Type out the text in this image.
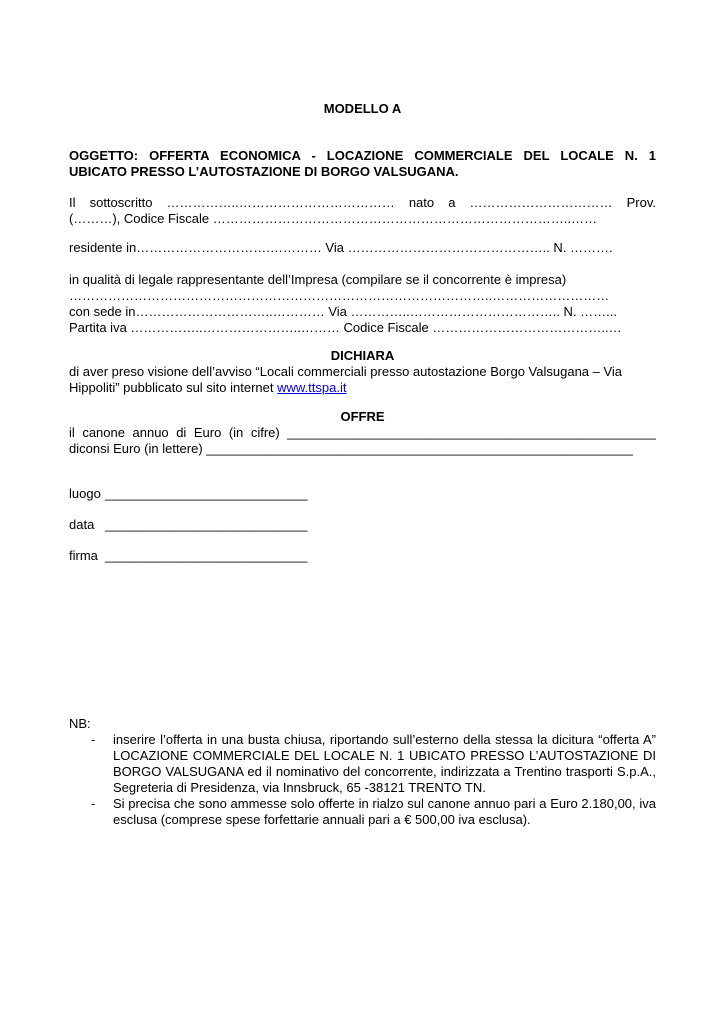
MODELLO A
OGGETTO: OFFERTA ECONOMICA - LOCAZIONE COMMERCIALE DEL LOCALE N. 1
UBICATO PRESSO L’AUTOSTAZIONE DI BORGO VALSUGANA.
Il sottoscritto ……………..……………………………… nato a …………………………… Prov.
(………), Codice Fiscale ………………………………………………………………………..……
residente in………………………….………… Via ……………………………………….. N. ……….
in qualità di legale rappresentante dell’Impresa (compilare se il concorrente è impresa)
……………………………………………………………………………………..………………………
con sede in…………………………..………… Via …………..…………………………….. N. ……...
Partita iva ……………..…………………..……… Codice Fiscale …………………………………..…
DICHIARA
di aver preso visione dell’avviso “Locali commerciali presso autostazione Borgo Valsugana – Via Hippoliti” pubblicato sul sito internet www.ttspa.it
OFFRE
il canone annuo di Euro (in cifre) ___________________________________________________
diconsi Euro (in lettere) ___________________________________________________________
luogo ____________________________
data ____________________________
firma ____________________________
NB:
- inserire l’offerta in una busta chiusa, riportando sull’esterno della stessa la dicitura “offerta A” LOCAZIONE COMMERCIALE DEL LOCALE N. 1 UBICATO PRESSO L’AUTOSTAZIONE DI BORGO VALSUGANA ed il nominativo del concorrente, indirizzata a Trentino trasporti S.p.A., Segreteria di Presidenza, via Innsbruck, 65 -38121 TRENTO TN.
- Si precisa che sono ammesse solo offerte in rialzo sul canone annuo pari a Euro 2.180,00, iva esclusa (comprese spese forfettarie annuali pari a € 500,00 iva esclusa).
